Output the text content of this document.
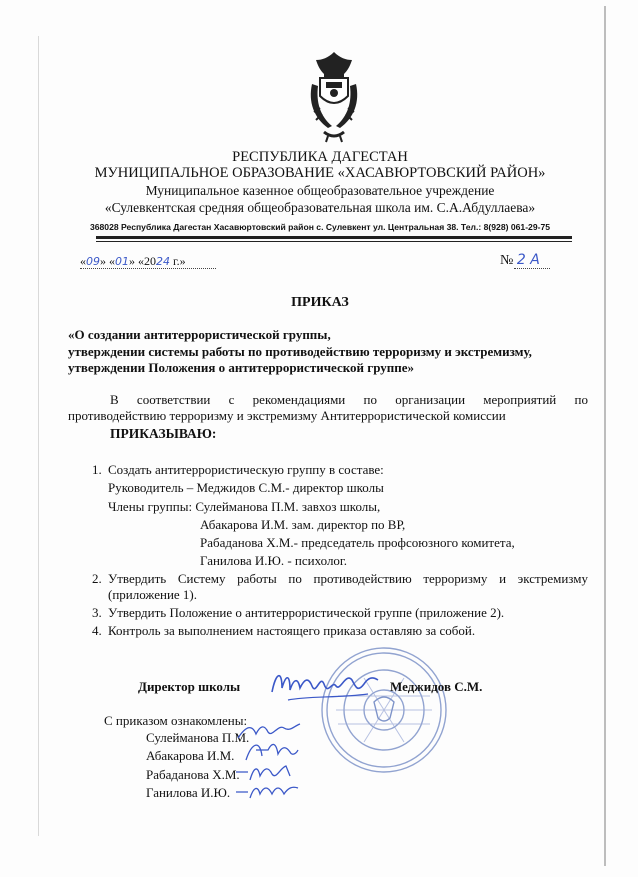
РЕСПУБЛИКА ДАГЕСТАН
МУНИЦИПАЛЬНОЕ ОБРАЗОВАНИЕ «ХАСАВЮРТОВСКИЙ РАЙОН»
Муниципальное казенное общеобразовательное учреждение
«Сулевкентская средняя общеобразовательная школа им. С.А.Абдуллаева»
368028 Республика Дагестан Хасавюртовский район с. Сулевкент ул. Центральная 38. Тел.: 8(928) 061-29-75
«09» «01» «2024 г.»	№ 2 А
ПРИКАЗ
«О создании антитеррористической группы,
утверждении системы работы по противодействию терроризму и экстремизму,
утверждении Положения о антитеррористической группе»
В соответствии с рекомендациями по организации мероприятий по
противодействию терроризму и экстремизму Антитеррористической комиссии
ПРИКАЗЫВАЮ:
1. Создать антитеррористическую группу в составе:
Руководитель – Меджидов С.М.- директор школы
Члены группы: Сулейманова П.М. завхоз школы,
Абакарова И.М. зам. директор по ВР,
Рабаданова Х.М.- председатель профсоюзного комитета,
Ганилова И.Ю. - психолог.
2. Утвердить Систему работы по противодействию терроризму и экстремизму
(приложение 1).
3. Утвердить Положение о антитеррористической группе (приложение 2).
4. Контроль за выполнением настоящего приказа оставляю за собой.
Директор школы	Меджидов С.М.
С приказом ознакомлены:
Сулейманова П.М.
Абакарова И.М.
Рабаданова Х.М.
Ганилова И.Ю.
